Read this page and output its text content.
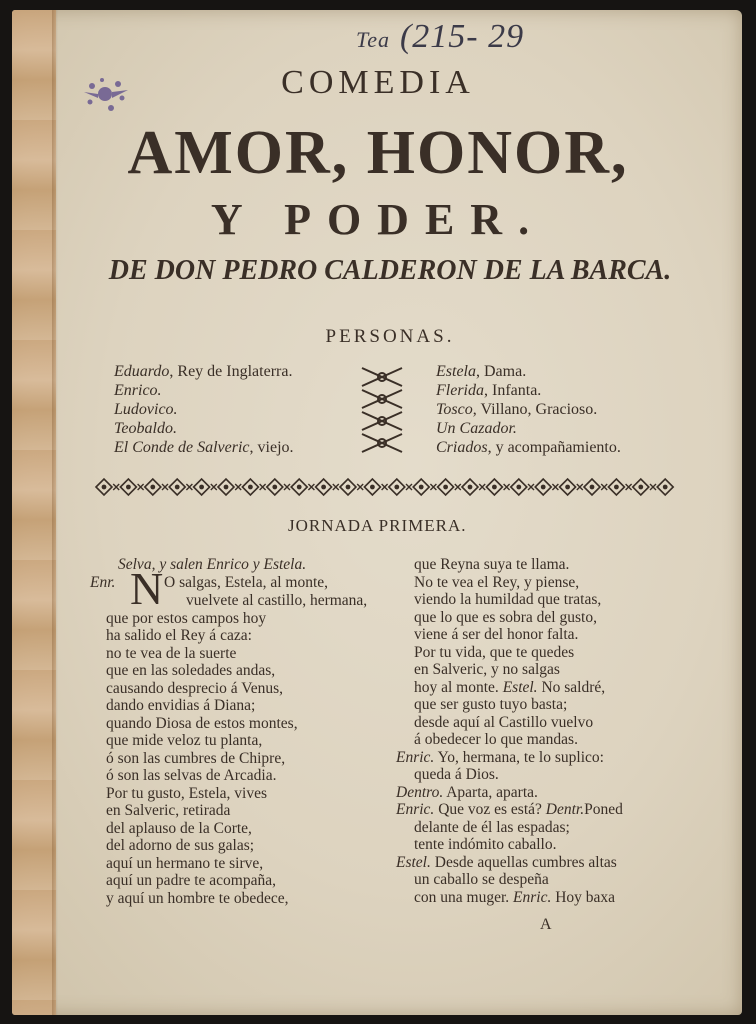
Tea (215- 29
COMEDIA
AMOR, HONOR,
Y PODER.
DE DON PEDRO CALDERON DE LA BARCA.
PERSONAS.
Eduardo, Rey de Inglaterra.
Enrico.
Ludovico.
Teobaldo.
El Conde de Salveric, viejo.
Estela, Dama.
Flerida, Infanta.
Tosco, Villano, Gracioso.
Un Cazador.
Criados, y acompañamiento.
JORNADA PRIMERA.
Selva, y salen Enrico y Estela.
Enr. N O salgas, Estela, al monte,
vuelvete al castillo, hermana,
que por estos campos hoy
ha salido el Rey á caza:
no te vea de la suerte
que en las soledades andas,
causando desprecio á Venus,
dando envidias á Diana;
quando Diosa de estos montes,
que mide veloz tu planta,
ó son las cumbres de Chipre,
ó son las selvas de Arcadia.
Por tu gusto, Estela, vives
en Salveric, retirada
del aplauso de la Corte,
del adorno de sus galas;
aquí un hermano te sirve,
aquí un padre te acompaña,
y aquí un hombre te obedece,
que Reyna suya te llama.
No te vea el Rey, y piense,
viendo la humildad que tratas,
que lo que es sobra del gusto,
viene á ser del honor falta.
Por tu vida, que te quedes
en Salveric, y no salgas
hoy al monte. Estel. No saldré,
que ser gusto tuyo basta;
desde aquí al Castillo vuelvo
á obedecer lo que mandas.
Enric. Yo, hermana, te lo suplico:
queda á Dios.
Dentro. Aparta, aparta.
Enric. Que voz es está? Dentr.Poned
delante de él las espadas;
tente indómito caballo.
Estel. Desde aquellas cumbres altas
un caballo se despeña
con una muger. Enric. Hoy baxa
A
